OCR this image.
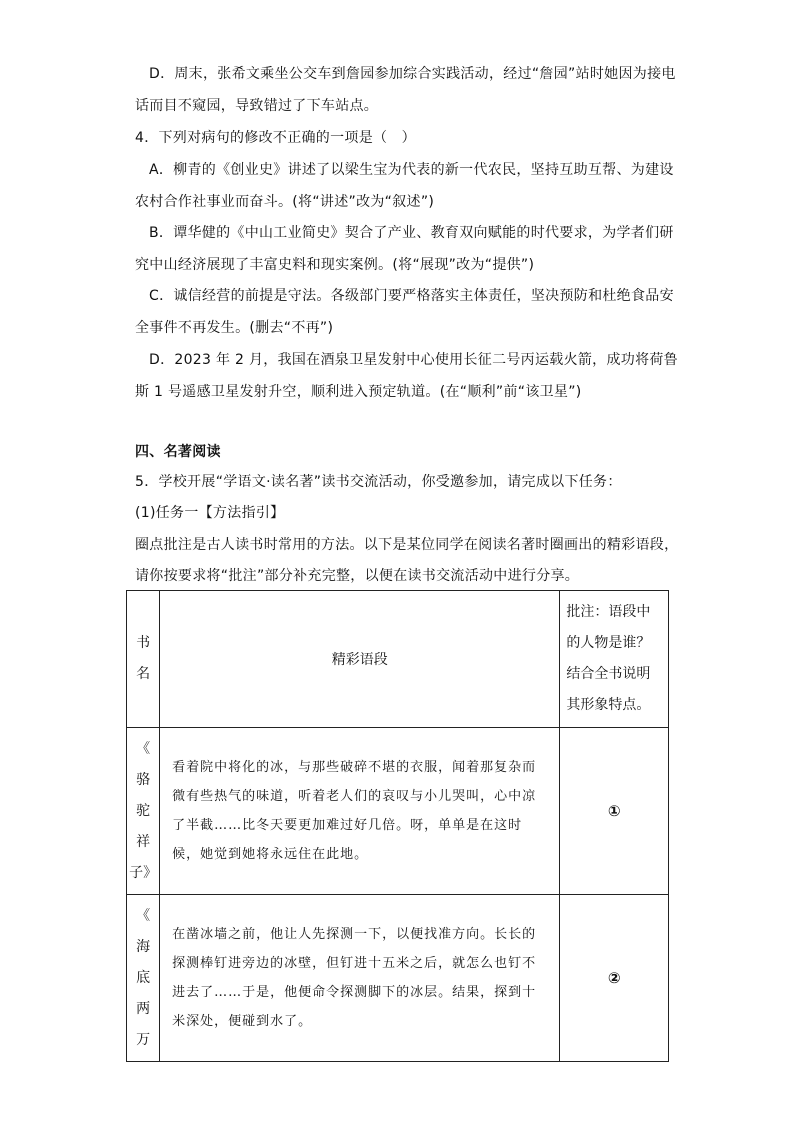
D．周末，张希文乘坐公交车到詹园参加综合实践活动，经过“詹园”站时她因为接电
话而目不窥园，导致错过了下车站点。
4．下列对病句的修改不正确的一项是（　）
A．柳青的《创业史》讲述了以梁生宝为代表的新一代农民，坚持互助互帮、为建设
农村合作社事业而奋斗。(将“讲述”改为“叙述”)
B．谭华健的《中山工业简史》契合了产业、教育双向赋能的时代要求，为学者们研
究中山经济展现了丰富史料和现实案例。(将“展现”改为“提供”)
C．诚信经营的前提是守法。各级部门要严格落实主体责任，坚决预防和杜绝食品安
全事件不再发生。(删去“不再”)
D．2023 年 2 月，我国在酒泉卫星发射中心使用长征二号丙运载火箭，成功将荷鲁
斯 1 号遥感卫星发射升空，顺利进入预定轨道。(在“顺利”前“该卫星”)
四、名著阅读
5．学校开展“学语文·读名著”读书交流活动，你受邀参加，请完成以下任务：
(1)任务一【方法指引】
圈点批注是古人读书时常用的方法。以下是某位同学在阅读名著时圈画出的精彩语段，
请你按要求将“批注”部分补充完整，以便在读书交流活动中进行分享。
书
名	精彩语段	批注：语段中的人物是谁？结合全书说明其形象特点。

《
骆
驼
祥
子》	看着院中将化的冰，与那些破碎不堪的衣服，闻着那复杂而微有些热气的味道，听着老人们的哀叹与小儿哭叫，心中凉了半截……比冬天要更加难过好几倍。呀，单单是在这时候，她觉到她将永远住在此地。	①

《
海
底
两
万	在凿冰墙之前，他让人先探测一下，以便找准方向。长长的探测棒钉进旁边的冰壁，但钉进十五米之后，就怎么也钉不进去了……于是，他便命令探测脚下的冰层。结果，探到十米深处，便碰到水了。	②
